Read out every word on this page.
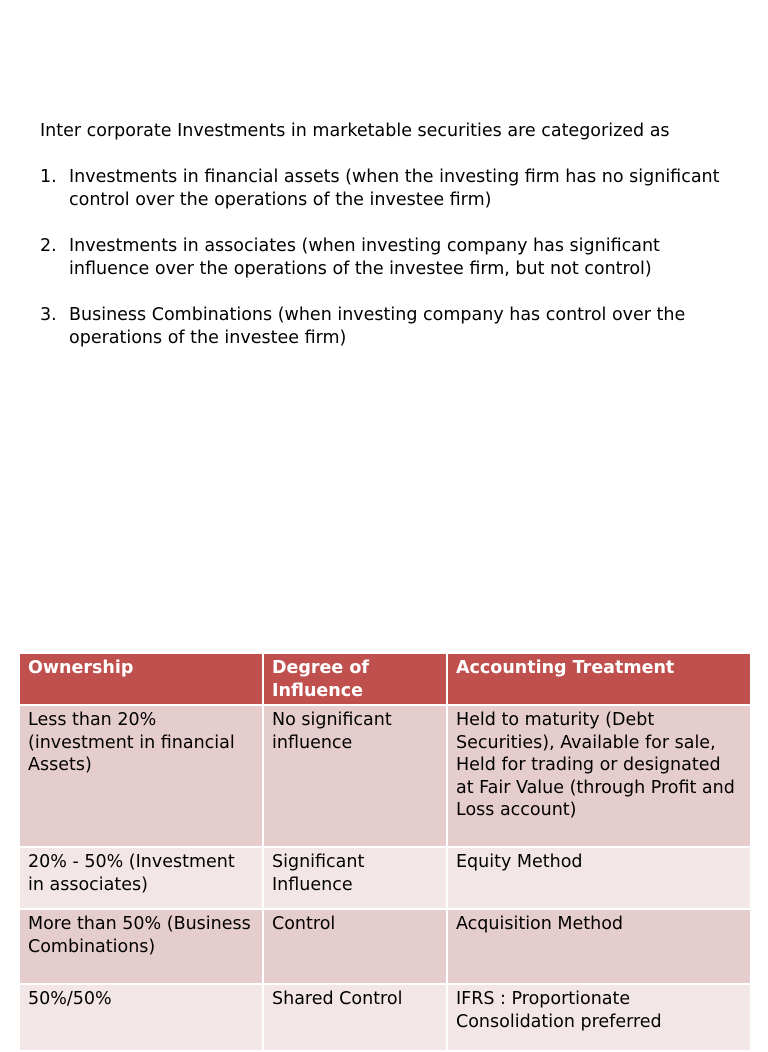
Inter corporate Investments in marketable securities are categorized as

1. Investments in financial assets (when the investing firm has no significant control over the operations of the investee firm)
2. Investments in associates (when investing company has significant influence over the operations of the investee firm, but not control)
3. Business Combinations (when investing company has control over the operations of the investee firm)
Ownership	Degree of Influence	Accounting Treatment
Less than 20% (investment in financial Assets)	No significant influence	Held to maturity (Debt Securities), Available for sale, Held for trading or designated at Fair Value (through Profit and Loss account)
20% - 50% (Investment in associates)	Significant Influence	Equity Method
More than 50% (Business Combinations)	Control	Acquisition Method
50%/50%	Shared Control	IFRS : Proportionate Consolidation preferred
